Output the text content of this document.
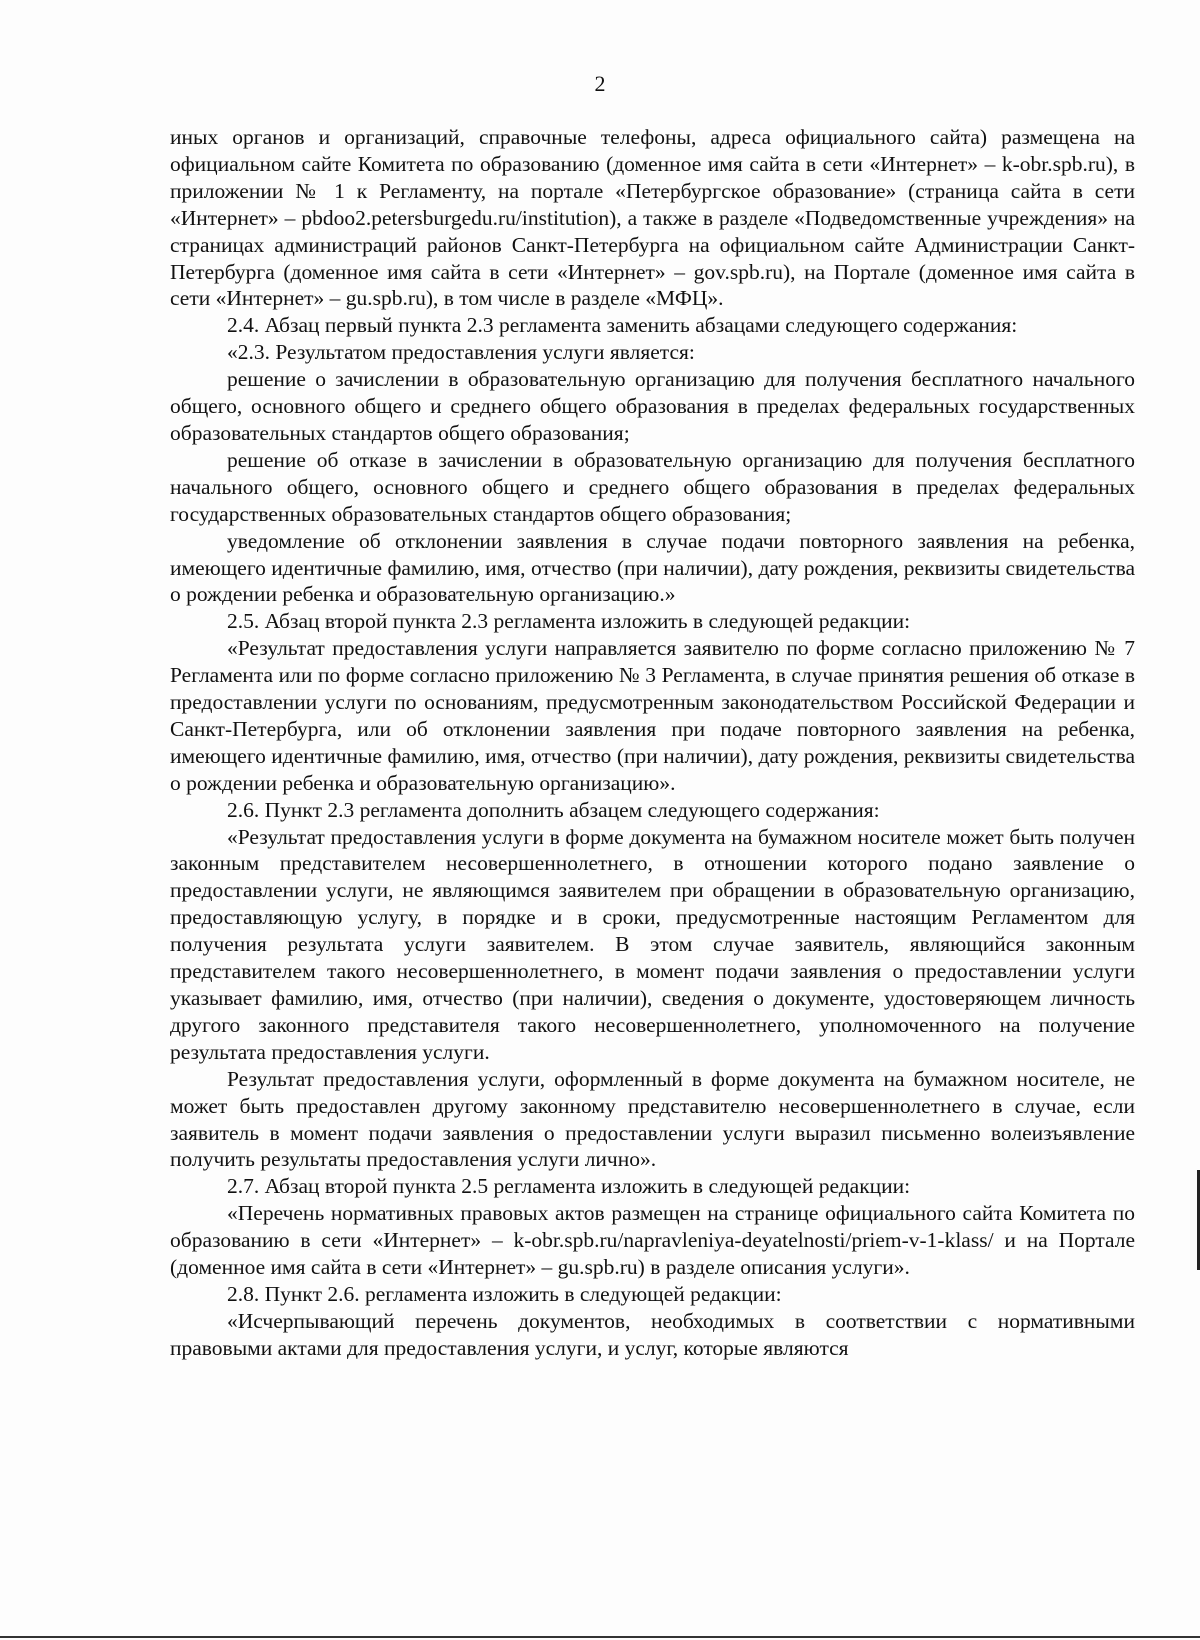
2

иных органов и организаций, справочные телефоны, адреса официального сайта) размещена на официальном сайте Комитета по образованию (доменное имя сайта в сети «Интернет» – k-obr.spb.ru), в приложении № 1 к Регламенту, на портале «Петербургское образование» (страница сайта в сети «Интернет» – pbdoo2.petersburgedu.ru/institution), а также в разделе «Подведомственные учреждения» на страницах администраций районов Санкт-Петербурга на официальном сайте Администрации Санкт-Петербурга (доменное имя сайта в сети «Интернет» – gov.spb.ru), на Портале (доменное имя сайта в сети «Интернет» – gu.spb.ru), в том числе в разделе «МФЦ».

2.4. Абзац первый пункта 2.3 регламента заменить абзацами следующего содержания:

«2.3. Результатом предоставления услуги является:

решение о зачислении в образовательную организацию для получения бесплатного начального общего, основного общего и среднего общего образования в пределах федеральных государственных образовательных стандартов общего образования;

решение об отказе в зачислении в образовательную организацию для получения бесплатного начального общего, основного общего и среднего общего образования в пределах федеральных государственных образовательных стандартов общего образования;

уведомление об отклонении заявления в случае подачи повторного заявления на ребенка, имеющего идентичные фамилию, имя, отчество (при наличии), дату рождения, реквизиты свидетельства о рождении ребенка и образовательную организацию.»

2.5. Абзац второй пункта 2.3 регламента изложить в следующей редакции:

«Результат предоставления услуги направляется заявителю по форме согласно приложению № 7 Регламента или по форме согласно приложению № 3 Регламента, в случае принятия решения об отказе в предоставлении услуги по основаниям, предусмотренным законодательством Российской Федерации и Санкт-Петербурга, или об отклонении заявления при подаче повторного заявления на ребенка, имеющего идентичные фамилию, имя, отчество (при наличии), дату рождения, реквизиты свидетельства о рождении ребенка и образовательную организацию».

2.6. Пункт 2.3 регламента дополнить абзацем следующего содержания:

«Результат предоставления услуги в форме документа на бумажном носителе может быть получен законным представителем несовершеннолетнего, в отношении которого подано заявление о предоставлении услуги, не являющимся заявителем при обращении в образовательную организацию, предоставляющую услугу, в порядке и в сроки, предусмотренные настоящим Регламентом для получения результата услуги заявителем. В этом случае заявитель, являющийся законным представителем такого несовершеннолетнего, в момент подачи заявления о предоставлении услуги указывает фамилию, имя, отчество (при наличии), сведения о документе, удостоверяющем личность другого законного представителя такого несовершеннолетнего, уполномоченного на получение результата предоставления услуги.

Результат предоставления услуги, оформленный в форме документа на бумажном носителе, не может быть предоставлен другому законному представителю несовершеннолетнего в случае, если заявитель в момент подачи заявления о предоставлении услуги выразил письменно волеизъявление получить результаты предоставления услуги лично».

2.7. Абзац второй пункта 2.5 регламента изложить в следующей редакции:

«Перечень нормативных правовых актов размещен на странице официального сайта Комитета по образованию в сети «Интернет» – k-obr.spb.ru/napravleniya-deyatelnosti/priem-v-1-klass/ и на Портале (доменное имя сайта в сети «Интернет» – gu.spb.ru) в разделе описания услуги».

2.8. Пункт 2.6. регламента изложить в следующей редакции:

«Исчерпывающий перечень документов, необходимых в соответствии с нормативными правовыми актами для предоставления услуги, и услуг, которые являются
